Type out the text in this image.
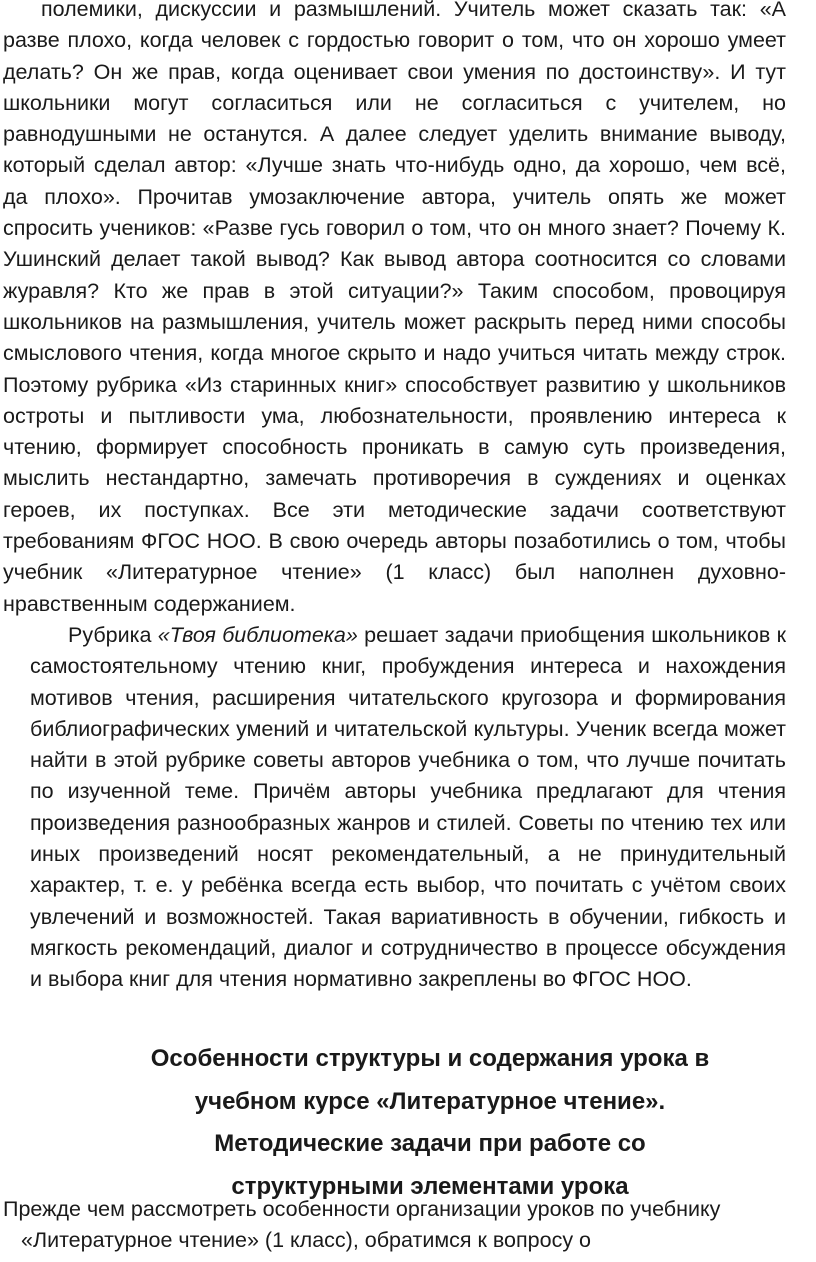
полемики, дискуссии и размышлений. Учитель может сказать так: «А разве плохо, когда человек с гордостью говорит о том, что он хорошо умеет делать? Он же прав, когда оценивает свои умения по достоинству». И тут школьники могут согласиться или не согласиться с учителем, но равнодушными не останутся. А далее следует уделить внимание выводу, который сделал автор: «Лучше знать что-нибудь одно, да хорошо, чем всё, да плохо». Прочитав умозаключение автора, учитель опять же может спросить учеников: «Разве гусь говорил о том, что он много знает? Почему К. Ушинский делает такой вывод? Как вывод автора соотносится со словами журавля? Кто же прав в этой ситуации?» Таким способом, провоцируя школьников на размышления, учитель может раскрыть перед ними способы смыслового чтения, когда многое скрыто и надо учиться читать между строк. Поэтому рубрика «Из старинных книг» способствует развитию у школьников остроты и пытливости ума, любознательности, проявлению интереса к чтению, формирует способность проникать в самую суть произведения, мыслить нестандартно, замечать противоречия в суждениях и оценках героев, их поступках. Все эти методические задачи соответствуют требованиям ФГОС НОО. В свою очередь авторы позаботились о том, чтобы учебник «Литературное чтение» (1 класс) был наполнен духовно-нравственным содержанием.

Рубрика «Твоя библиотека» решает задачи приобщения школьников к самостоятельному чтению книг, пробуждения интереса и нахождения мотивов чтения, расширения читательского кругозора и формирования библиографических умений и читательской культуры. Ученик всегда может найти в этой рубрике советы авторов учебника о том, что лучше почитать по изученной теме. Причём авторы учебника предлагают для чтения произведения разнообразных жанров и стилей. Советы по чтению тех или иных произведений носят рекомендательный, а не принудительный характер, т. е. у ребёнка всегда есть выбор, что почитать с учётом своих увлечений и возможностей. Такая вариативность в обучении, гибкость и мягкость рекомендаций, диалог и сотрудничество в процессе обсуждения и выбора книг для чтения нормативно закреплены во ФГОС НОО.

Особенности структуры и содержания урока в
учебном курсе «Литературное чтение».
Методические задачи при работе со
структурными элементами урока

Прежде чем рассмотреть особенности организации уроков по учебнику
«Литературное чтение» (1 класс), обратимся к вопросу о
